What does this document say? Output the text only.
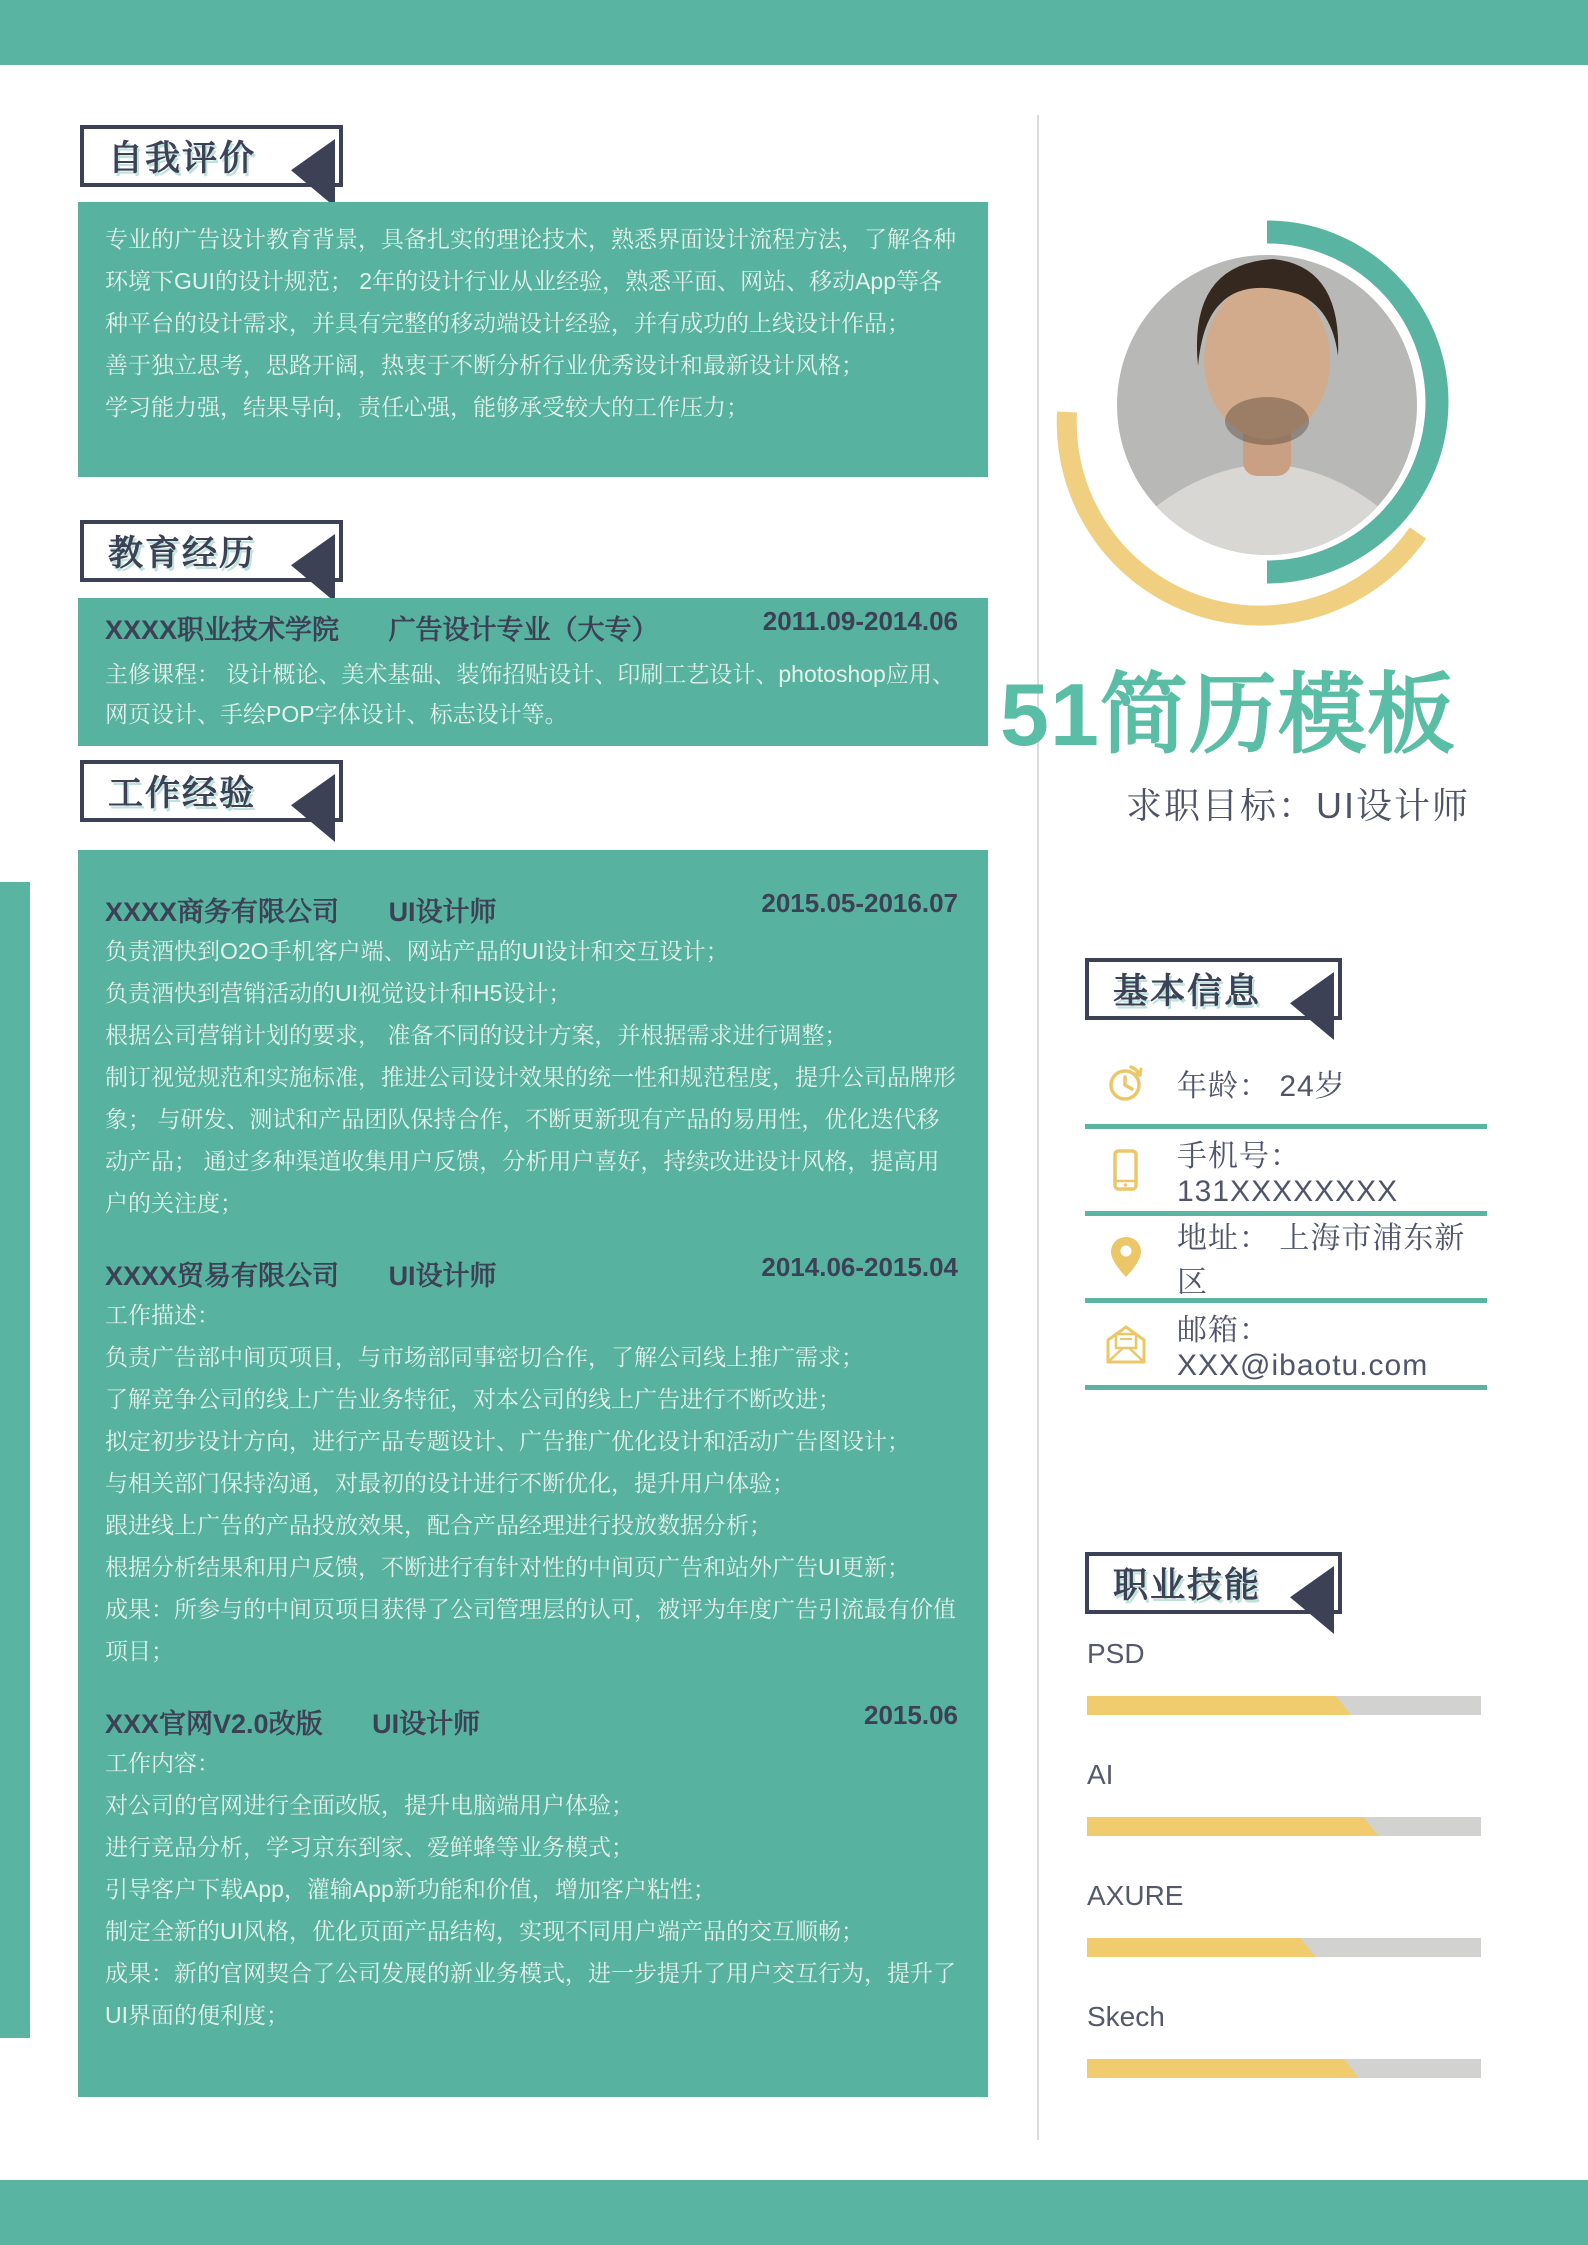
自我评价

专业的广告设计教育背景，具备扎实的理论技术，熟悉界面设计流程方法，了解各种环境下GUI的设计规范； 2年的设计行业从业经验，熟悉平面、网站、移动App等各种平台的设计需求，并具有完整的移动端设计经验，并有成功的上线设计作品；

善于独立思考，思路开阔，热衷于不断分析行业优秀设计和最新设计风格；

学习能力强，结果导向，责任心强，能够承受较大的工作压力；

教育经历
XXXX职业技术学院 广告设计专业（大专）	2011.09-2014.06
主修课程： 设计概论、美术基础、装饰招贴设计、印刷工艺设计、photoshop应用、网页设计、手绘POP字体设计、标志设计等。
工作经验
XXXX商务有限公司 UI设计师	2015.05-2016.07

负责酒快到O2O手机客户端、网站产品的UI设计和交互设计；

负责酒快到营销活动的UI视觉设计和H5设计；

根据公司营销计划的要求， 准备不同的设计方案，并根据需求进行调整；

制订视觉规范和实施标准，推进公司设计效果的统一性和规范程度，提升公司品牌形象； 与研发、测试和产品团队保持合作，不断更新现有产品的易用性，优化迭代移动产品； 通过多种渠道收集用户反馈，分析用户喜好，持续改进设计风格，提高用户的关注度；

XXXX贸易有限公司 UI设计师	2014.06-2015.04

工作描述：

负责广告部中间页项目，与市场部同事密切合作，了解公司线上推广需求；

了解竞争公司的线上广告业务特征，对本公司的线上广告进行不断改进；

拟定初步设计方向，进行产品专题设计、广告推广优化设计和活动广告图设计；

与相关部门保持沟通，对最初的设计进行不断优化，提升用户体验；

跟进线上广告的产品投放效果，配合产品经理进行投放数据分析；

根据分析结果和用户反馈，不断进行有针对性的中间页广告和站外广告UI更新；

成果：所参与的中间页项目获得了公司管理层的认可，被评为年度广告引流最有价值项目；

XXX官网V2.0改版 UI设计师	2015.06

工作内容：

对公司的官网进行全面改版，提升电脑端用户体验；

进行竞品分析，学习京东到家、爱鲜蜂等业务模式；

引导客户下载App，灌输App新功能和价值，增加客户粘性；

制定全新的UI风格，优化页面产品结构，实现不同用户端产品的交互顺畅；

成果：新的官网契合了公司发展的新业务模式，进一步提升了用户交互行为，提升了UI界面的便利度；

51简历模板
求职目标：UI设计师
基本信息
年龄： 24岁
手机号： 131XXXXXXXX
地址： 上海市浦东新区
邮箱： XXX@ibaotu.com
职业技能
PSD
AI
AXURE
Skech
